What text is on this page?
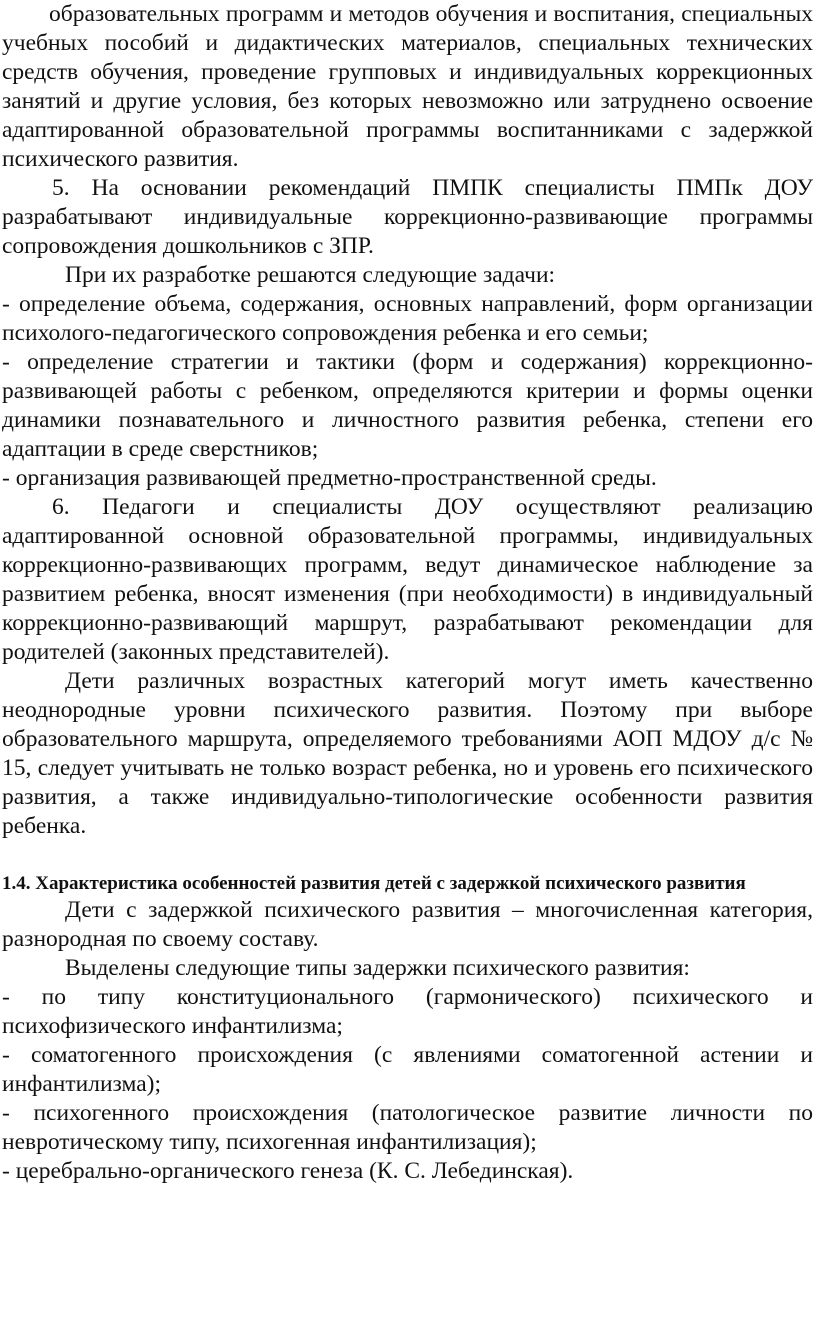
образовательных программ и методов обучения и воспитания, специальных учебных пособий и дидактических материалов, специальных технических средств обучения, проведение групповых и индивидуальных коррекционных занятий и другие условия, без которых невозможно или затруднено освоение адаптированной образовательной программы воспитанниками с задержкой психического развития.

5. На основании рекомендаций ПМПК специалисты ПМПк ДОУ разрабатывают индивидуальные коррекционно-развивающие программы сопровождения дошкольников с ЗПР.

При их разработке решаются следующие задачи:

- определение объема, содержания, основных направлений, форм организации психолого-педагогического сопровождения ребенка и его семьи;

- определение стратегии и тактики (форм и содержания) коррекционно-развивающей работы с ребенком, определяются критерии и формы оценки динамики познавательного и личностного развития ребенка, степени его адаптации в среде сверстников;

- организация развивающей предметно-пространственной среды.

6. Педагоги и специалисты ДОУ осуществляют реализацию адаптированной основной образовательной программы, индивидуальных коррекционно-развивающих программ, ведут динамическое наблюдение за развитием ребенка, вносят изменения (при необходимости) в индивидуальный коррекционно-развивающий маршрут, разрабатывают рекомендации для родителей (законных представителей).

Дети различных возрастных категорий могут иметь качественно неоднородные уровни психического развития. Поэтому при выборе образовательного маршрута, определяемого требованиями АОП МДОУ д/с № 15, следует учитывать не только возраст ребенка, но и уровень его психического развития, а также индивидуально-типологические особенности развития ребенка.

1.4. Характеристика особенностей развития детей с задержкой психического развития

Дети с задержкой психического развития – многочисленная категория, разнородная по своему составу.

Выделены следующие типы задержки психического развития:

- по типу конституционального (гармонического) психического и психофизического инфантилизма;

- соматогенного происхождения (с явлениями соматогенной астении и инфантилизма);

- психогенного происхождения (патологическое развитие личности по невротическому типу, психогенная инфантилизация);

- церебрально-органического генеза (К. С. Лебединская).
